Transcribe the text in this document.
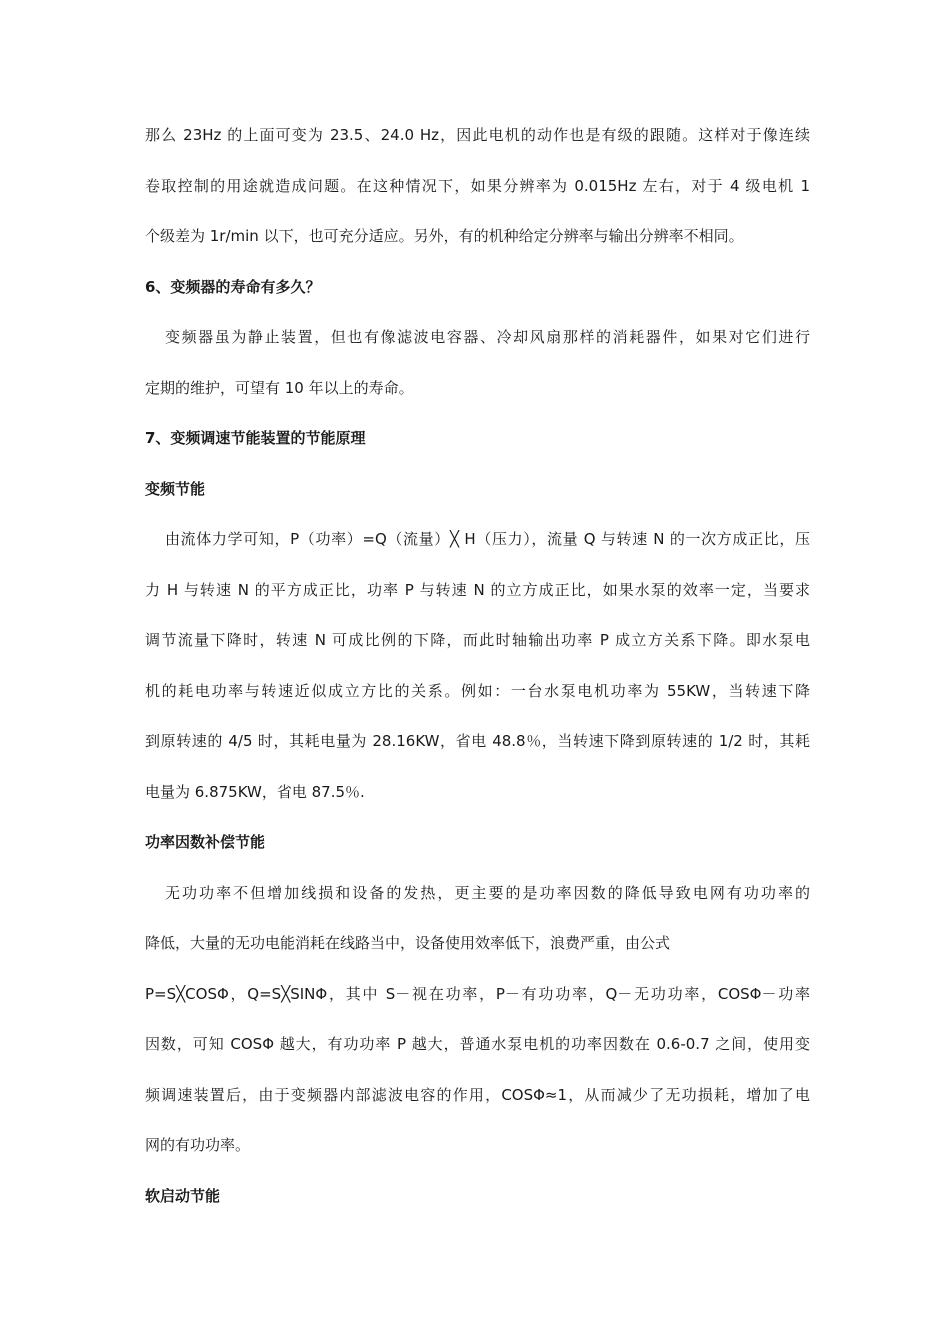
那么 23Hz 的上面可变为 23.5、24.0 Hz，因此电机的动作也是有级的跟随。这样对于像连续
卷取控制的用途就造成问题。在这种情况下，如果分辨率为 0.015Hz 左右，对于 4 级电机 1
个级差为 1r/min 以下，也可充分适应。另外，有的机种给定分辨率与输出分辨率不相同。
6、变频器的寿命有多久？
变频器虽为静止装置，但也有像滤波电容器、冷却风扇那样的消耗器件，如果对它们进行
定期的维护，可望有 10 年以上的寿命。
7、变频调速节能装置的节能原理
变频节能
由流体力学可知，P（功率）=Q（流量）╳ H（压力），流量 Q 与转速 N 的一次方成正比，压
力 H 与转速 N 的平方成正比，功率 P 与转速 N 的立方成正比，如果水泵的效率一定，当要求
调节流量下降时，转速 N 可成比例的下降，而此时轴输出功率 P 成立方关系下降。即水泵电
机的耗电功率与转速近似成立方比的关系。例如：一台水泵电机功率为 55KW，当转速下降
到原转速的 4/5 时，其耗电量为 28.16KW，省电 48.8％，当转速下降到原转速的 1/2 时，其耗
电量为 6.875KW，省电 87.5％.
功率因数补偿节能
无功功率不但增加线损和设备的发热，更主要的是功率因数的降低导致电网有功功率的
降低，大量的无功电能消耗在线路当中，设备使用效率低下，浪费严重，由公式
P=S╳COSΦ，Q=S╳SINΦ，其中 S－视在功率，P－有功功率，Q－无功功率，COSΦ－功率
因数，可知 COSΦ 越大，有功功率 P 越大，普通水泵电机的功率因数在 0.6-0.7 之间，使用变
频调速装置后，由于变频器内部滤波电容的作用，COSΦ≈1，从而减少了无功损耗，增加了电
网的有功功率。
软启动节能
